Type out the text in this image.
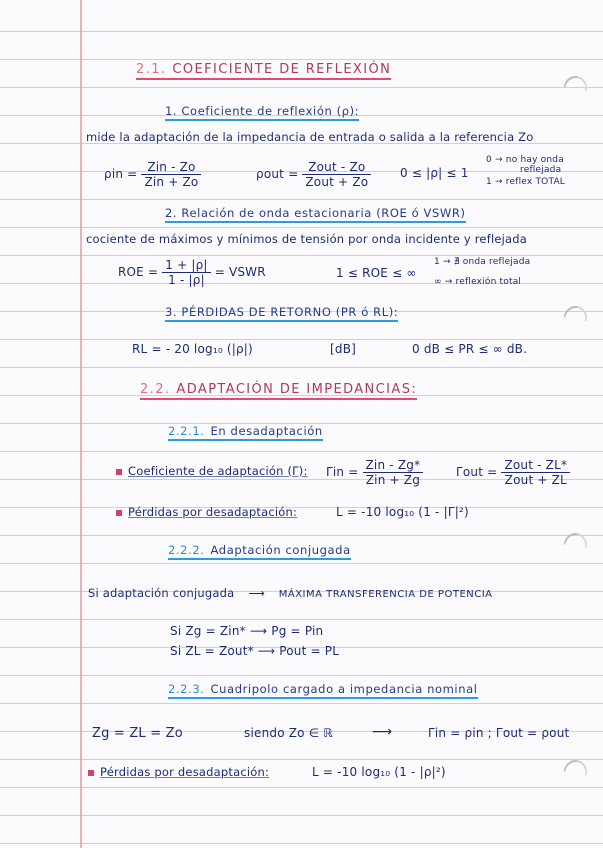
2.1. COEFICIENTE DE REFLEXIÓN
1. Coeficiente de reflexión (ρ):
mide la adaptación de la impedancia de entrada o salida a la referencia Zo
$\rho in = \frac{\text{Zin - Zo}}{\text{Zin + Zo}}$	$\rho out = \frac{\text{Zout - Zo}}{\text{Zout + Zo}} 0 \le |\rho| \le 1$
0 → no hay onda
reflejada
1 → reflex TOTAL
2. Relación de onda estacionaria (ROE ó VSWR)
cociente de máximos y mínimos de tensión por onda incidente y reflejada
ROE = $\frac{1 + |\rho|}{1 - |\rho|}$ = VSWR	1 ≤ ROE ≤ ∞
1 → ∄ onda reflejada
∞ → reflexión total
3. PÉRDIDAS DE RETORNO (PR ó RL):
RL = - 20 log₁₀ (|ρ|)	[dB]	0 dB ≤ PR ≤ ∞ dB.
2.2. ADAPTACIÓN DE IMPEDANCIAS:
2.2.1. En desadaptación
Coeficiente de adaptación (Γ): $\Gamma in = \frac{\text{Zin - Zg*}}{\text{Zin + Zg}}$	$\Gamma out = \frac{\text{Zout - ZL*}}{\text{Zout + ZL}}$
Pérdidas por desadaptación:	L = -10 log₁₀ (1 - |Γ|²)
2.2.2. Adaptación conjugada
Si adaptación conjugada ⟶ MÁXIMA TRANSFERENCIA DE POTENCIA
Si Zg = Zin* ⟶ Pg = Pin
Si ZL = Zout* ⟶ Pout = PL
2.2.3. Cuadripolo cargado a impedancia nominal
Zg = ZL = Zo	siendo Zo ∈ ℝ	⟶	Γin = ρin ; Γout = ρout
Pérdidas por desadaptación:	L = -10 log₁₀ (1 - |ρ|²)
